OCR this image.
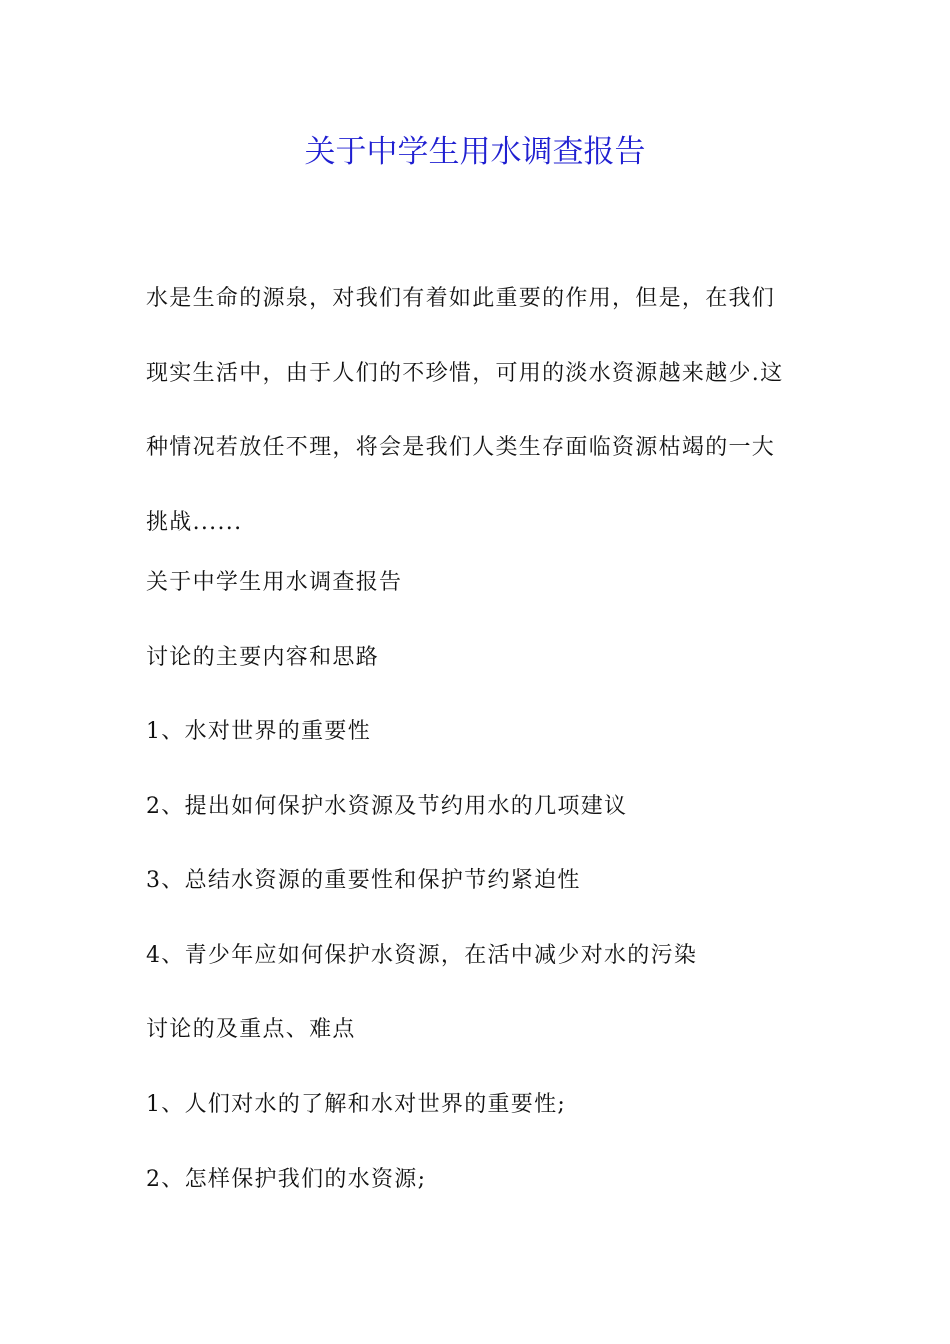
关于中学生用水调查报告
水是生命的源泉，对我们有着如此重要的作用，但是，在我们
现实生活中，由于人们的不珍惜，可用的淡水资源越来越少.这
种情况若放任不理，将会是我们人类生存面临资源枯竭的一大
挑战......

关于中学生用水调查报告

讨论的主要内容和思路

1、水对世界的重要性

2、提出如何保护水资源及节约用水的几项建议

3、总结水资源的重要性和保护节约紧迫性

4、青少年应如何保护水资源，在活中减少对水的污染

讨论的及重点、难点

1、人们对水的了解和水对世界的重要性;

2、怎样保护我们的水资源;
